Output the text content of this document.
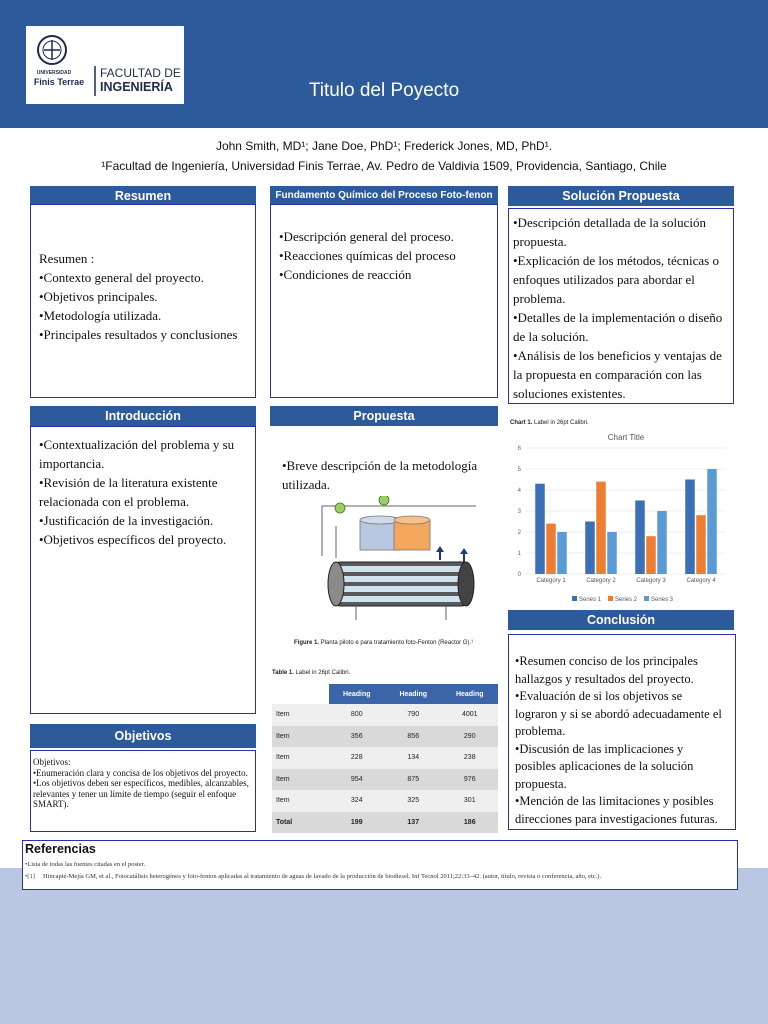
UNIVERSIDAD
Finis Terrae
FACULTAD DE
INGENIERÍA	Titulo del Poyecto
John Smith, MD¹; Jane Doe, PhD¹; Frederick Jones, MD, PhD¹.
¹Facultad de Ingeniería, Universidad Finis Terrae, Av. Pedro de Valdivia 1509, Providencia, Santiago, Chile
Resumen
Resumen :
•Contexto general del proyecto.
•Objetivos principales.
•Metodología utilizada.
•Principales resultados y conclusiones
Introducción
•Contextualización del problema y su importancia.
•Revisión de la literatura existente relacionada con el problema.
•Justificación de la investigación.
•Objetivos específicos del proyecto.
Objetivos
Objetivos:
•Enumeración clara y concisa de los objetivos del proyecto.
•Los objetivos deben ser específicos, medibles, alcanzables, relevantes y tener un límite de tiempo (seguir el enfoque SMART).
Fundamento Químico del Proceso Foto-fenon
•Descripción general del proceso.
•Reacciones químicas del proceso
•Condiciones de reacción
Propuesta
•Breve descripción de la metodología utilizada.
Figure 1. Planta piloto e para tratamiento foto-Fenton (Reactor G).¹
Table 1. Label in 26pt Calibri.
	Heading	Heading	Heading
Item	800	790	4001
Item	356	856	290
Item	228	134	238
Item	954	875	976
Item	324	325	301
Total	199	137	186
Solución Propuesta
•Descripción detallada de la solución propuesta.
•Explicación de los métodos, técnicas o enfoques utilizados para abordar el problema.
•Detalles de la implementación o diseño de la solución.
•Análisis de los beneficios y ventajas de la propuesta en comparación con las soluciones existentes.
Chart 1. Label in 26pt Calibri.
Chart Title
0
1
2
3
4
5
6
Category 1	Category 2	Category 3	Category 4
Series 1 Series 2 Series 3
Conclusión
•Resumen conciso de los principales hallazgos y resultados del proyecto.
•Evaluación de si los objetivos se lograron y si se abordó adecuadamente el problema.
•Discusión de las implicaciones y posibles aplicaciones de la solución propuesta.
•Mención de las limitaciones y posibles direcciones para investigaciones futuras.
Referencias
•Lista de todas las fuentes citadas en el poster.
•[1] Hincapié-Mejía GM, et al., Fotocatálisis heterogénea y foto-fenton aplicadas al tratamiento de aguas de lavado de la producción de biodiesel. Inf Tecnol 2011;22:33–42. (autor, título, revista o conferencia, año, etc.).
